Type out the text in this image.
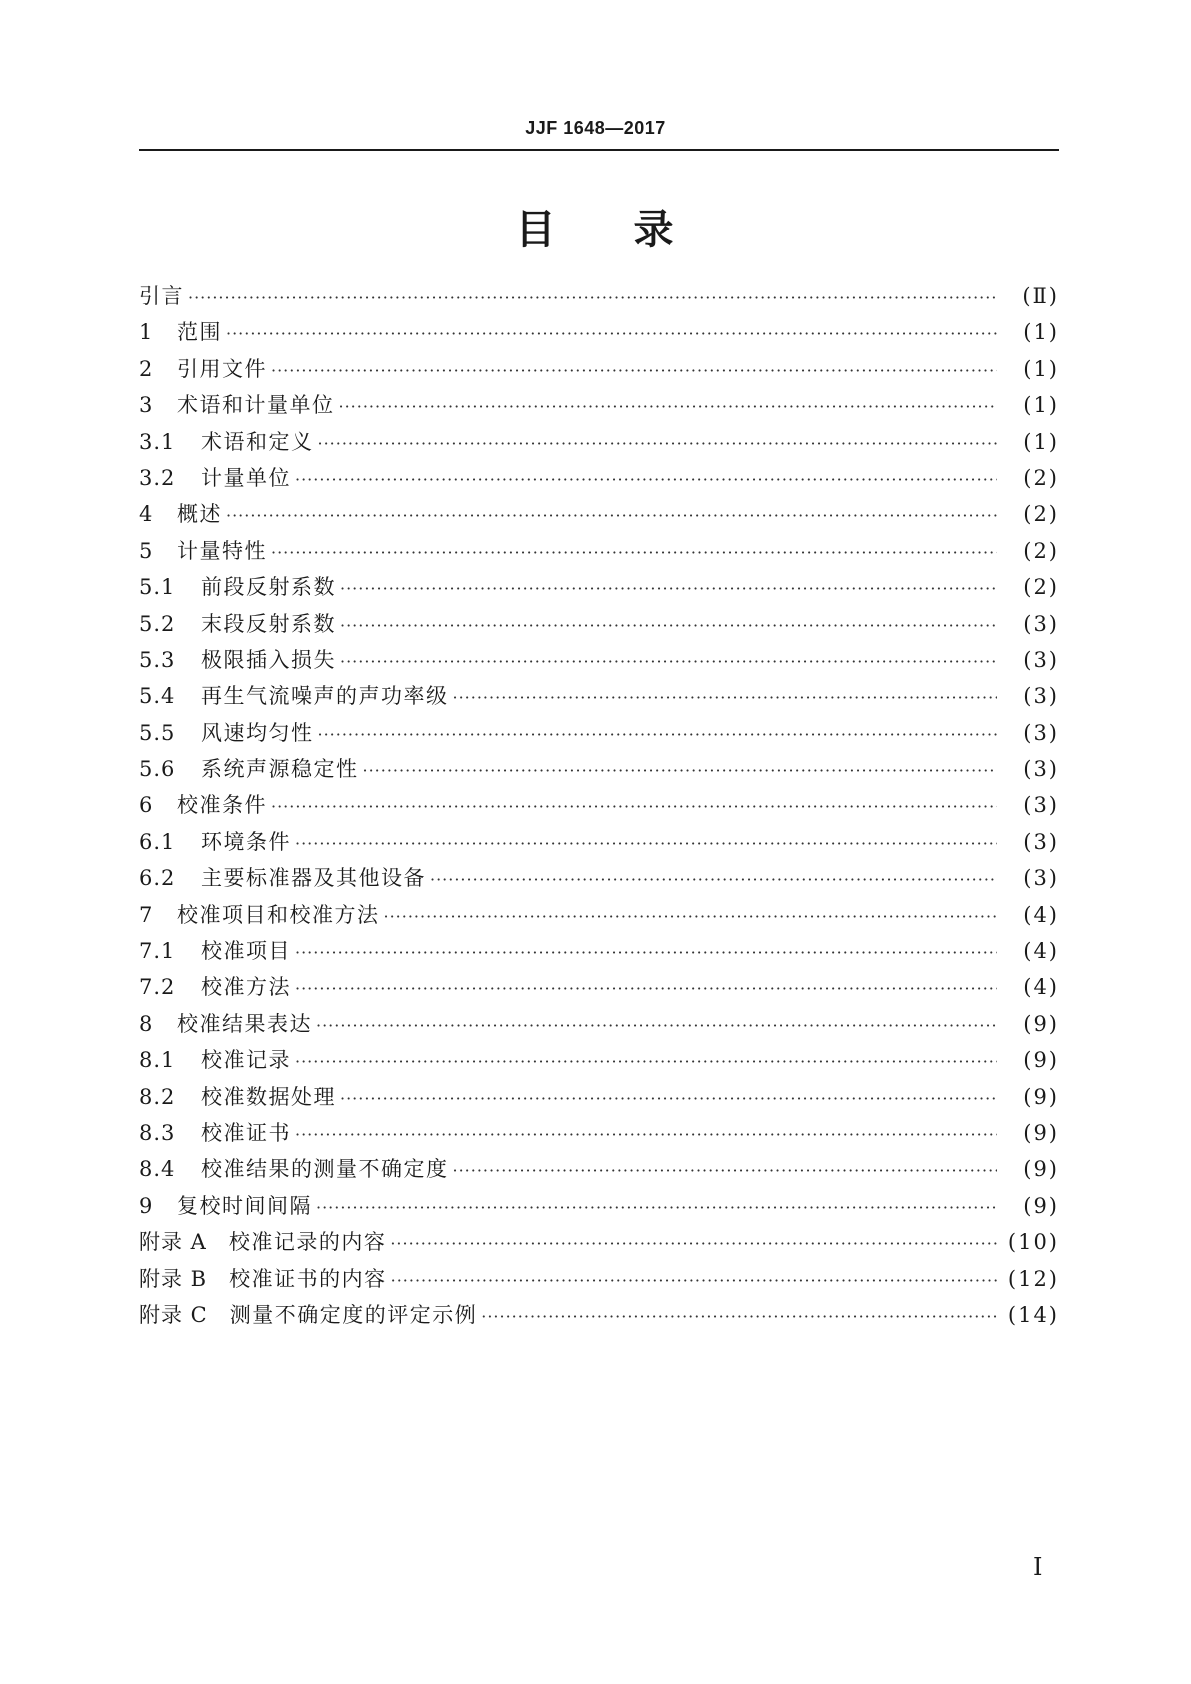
JJF 1648—2017
目 录
引言 ·····	(Ⅱ)
1	范围 ·····	(1)
2	引用文件 ·····	(1)
3	术语和计量单位 ·····	(1)
3.1	术语和定义 ·····	(1)
3.2	计量单位 ·····	(2)
4	概述 ·····	(2)
5	计量特性 ·····	(2)
5.1	前段反射系数 ·····	(2)
5.2	末段反射系数 ·····	(3)
5.3	极限插入损失 ·····	(3)
5.4	再生气流噪声的声功率级 ·····	(3)
5.5	风速均匀性 ·····	(3)
5.6	系统声源稳定性 ·····	(3)
6	校准条件 ·····	(3)
6.1	环境条件 ·····	(3)
6.2	主要标准器及其他设备 ·····	(3)
7	校准项目和校准方法 ·····	(4)
7.1	校准项目 ·····	(4)
7.2	校准方法 ·····	(4)
8	校准结果表达 ·····	(9)
8.1	校准记录 ·····	(9)
8.2	校准数据处理 ·····	(9)
8.3	校准证书 ·····	(9)
8.4	校准结果的测量不确定度 ·····	(9)
9	复校时间间隔 ·····	(9)
附录 A 校准记录的内容 ·····	(10)
附录 B 校准证书的内容 ·····	(12)
附录 C 测量不确定度的评定示例 ·····	(14)
I
